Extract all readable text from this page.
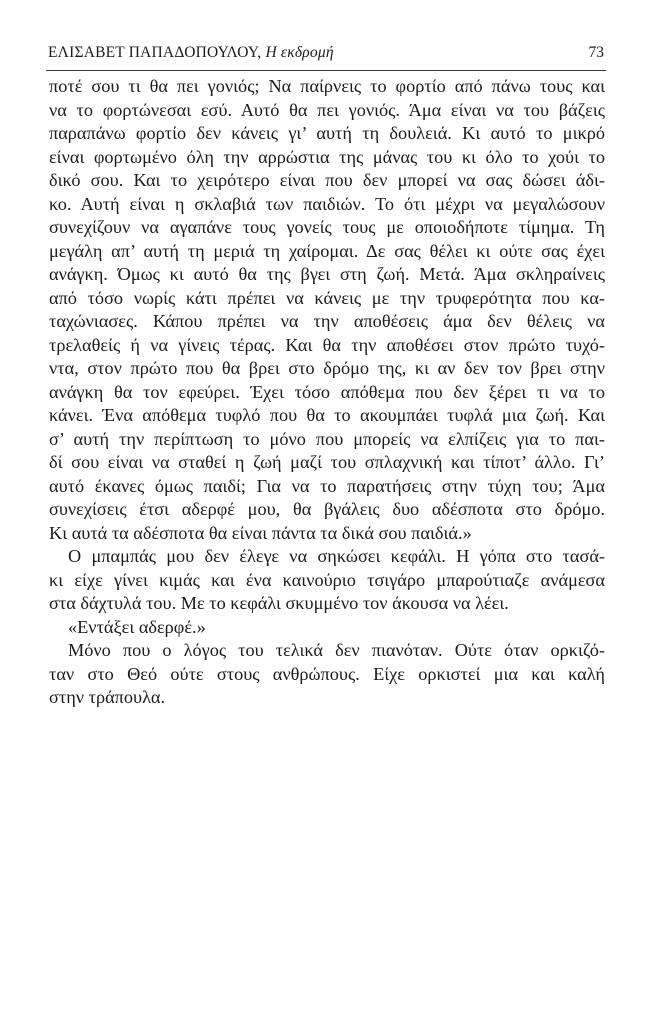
ΕΛΙΣΑΒΕΤ ΠΑΠΑΔΟΠΟΥΛΟΥ, Η εκδρομή	73
ποτέ σου τι θα πει γονιός; Να παίρνεις το φορτίο από πάνω τους και
να το φορτώνεσαι εσύ. Αυτό θα πει γονιός. Άμα είναι να του βάζεις
παραπάνω φορτίο δεν κάνεις γι’ αυτή τη δουλειά. Κι αυτό το μικρό
είναι φορτωμένο όλη την αρρώστια της μάνας του κι όλο το χούι το
δικό σου. Και το χειρότερο είναι που δεν μπορεί να σας δώσει άδι-
κο. Αυτή είναι η σκλαβιά των παιδιών. Το ότι μέχρι να μεγαλώσουν
συνεχίζουν να αγαπάνε τους γονείς τους με οποιοδήποτε τίμημα. Τη
μεγάλη απ’ αυτή τη μεριά τη χαίρομαι. Δε σας θέλει κι ούτε σας έχει
ανάγκη. Όμως κι αυτό θα της βγει στη ζωή. Μετά. Άμα σκληραίνεις
από τόσο νωρίς κάτι πρέπει να κάνεις με την τρυφερότητα που κα-
ταχώνιασες. Κάπου πρέπει να την αποθέσεις άμα δεν θέλεις να
τρελαθείς ή να γίνεις τέρας. Και θα την αποθέσει στον πρώτο τυχό-
ντα, στον πρώτο που θα βρει στο δρόμο της, κι αν δεν τον βρει στην
ανάγκη θα τον εφεύρει. Έχει τόσο απόθεμα που δεν ξέρει τι να το
κάνει. Ένα απόθεμα τυφλό που θα το ακουμπάει τυφλά μια ζωή. Και
σ’ αυτή την περίπτωση το μόνο που μπορείς να ελπίζεις για το παι-
δί σου είναι να σταθεί η ζωή μαζί του σπλαχνική και τίποτ’ άλλο. Γι’
αυτό έκανες όμως παιδί; Για να το παρατήσεις στην τύχη του; Άμα
συνεχίσεις έτσι αδερφέ μου, θα βγάλεις δυο αδέσποτα στο δρόμο.
Κι αυτά τα αδέσποτα θα είναι πάντα τα δικά σου παιδιά.»
Ο μπαμπάς μου δεν έλεγε να σηκώσει κεφάλι. Η γόπα στο τασά-
κι είχε γίνει κιμάς και ένα καινούριο τσιγάρο μπαρούτιαζε ανάμεσα
στα δάχτυλά του. Με το κεφάλι σκυμμένο τον άκουσα να λέει.
«Εντάξει αδερφέ.»
Μόνο που ο λόγος του τελικά δεν πιανόταν. Ούτε όταν ορκιζό-
ταν στο Θεό ούτε στους ανθρώπους. Είχε ορκιστεί μια και καλή
στην τράπουλα.
